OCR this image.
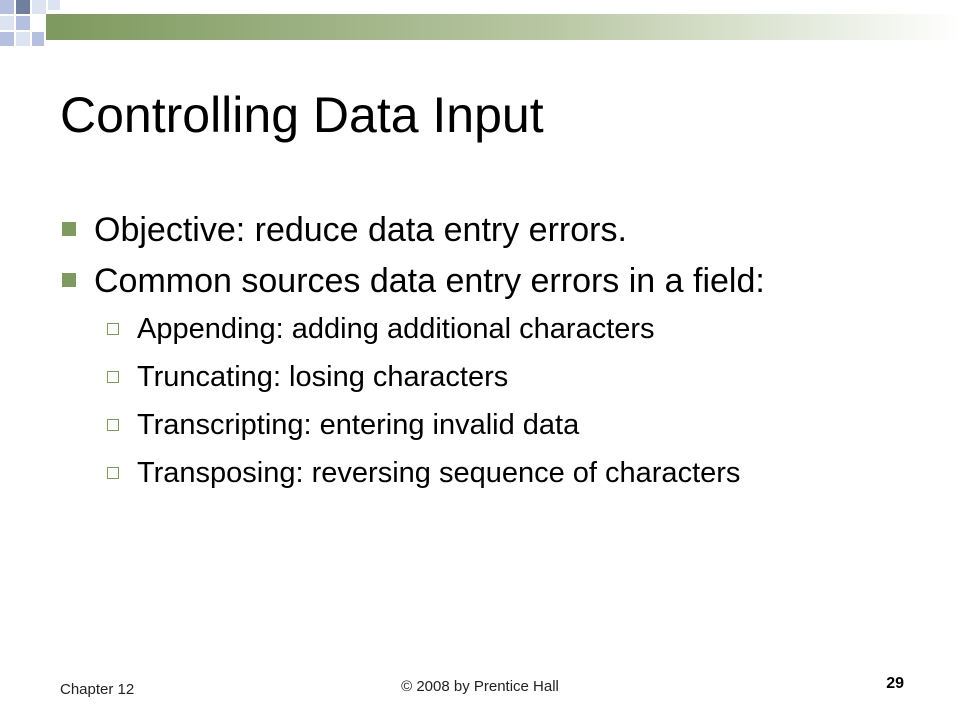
Controlling Data Input
Objective: reduce data entry errors.
Common sources data entry errors in a field:
Appending: adding additional characters
Truncating: losing characters
Transcripting: entering invalid data
Transposing: reversing sequence of characters
Chapter 12	© 2008 by Prentice Hall	29
